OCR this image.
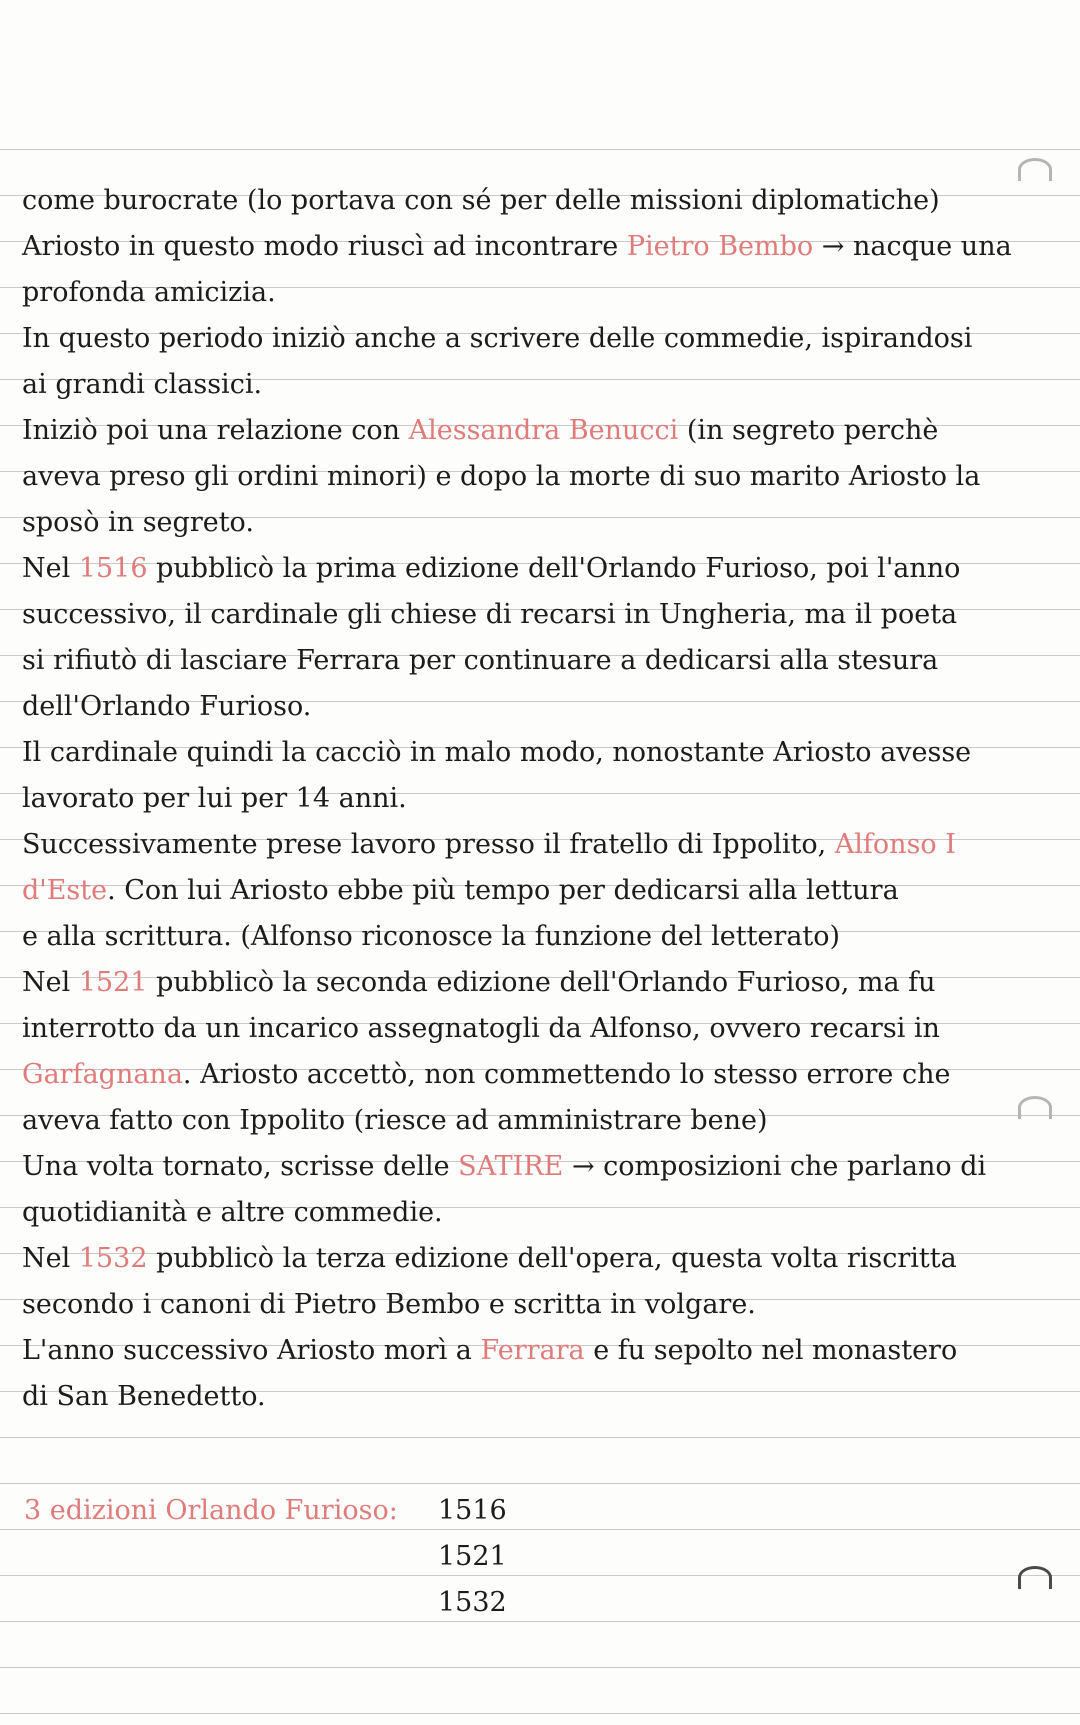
come burocrate (lo portava con sé per delle missioni diplomatiche)
Ariosto in questo modo riuscì ad incontrare Pietro Bembo → nacque una
profonda amicizia.
In questo periodo iniziò anche a scrivere delle commedie, ispirandosi
ai grandi classici.
Iniziò poi una relazione con Alessandra Benucci (in segreto perchè
aveva preso gli ordini minori) e dopo la morte di suo marito Ariosto la
sposò in segreto.
Nel 1516 pubblicò la prima edizione dell'Orlando Furioso, poi l'anno
successivo, il cardinale gli chiese di recarsi in Ungheria, ma il poeta
si rifiutò di lasciare Ferrara per continuare a dedicarsi alla stesura
dell'Orlando Furioso.
Il cardinale quindi la cacciò in malo modo, nonostante Ariosto avesse
lavorato per lui per 14 anni.
Successivamente prese lavoro presso il fratello di Ippolito, Alfonso I
d'Este. Con lui Ariosto ebbe più tempo per dedicarsi alla lettura
e alla scrittura. (Alfonso riconosce la funzione del letterato)
Nel 1521 pubblicò la seconda edizione dell'Orlando Furioso, ma fu
interrotto da un incarico assegnatogli da Alfonso, ovvero recarsi in
Garfagnana. Ariosto accettò, non commettendo lo stesso errore che
aveva fatto con Ippolito (riesce ad amministrare bene)
Una volta tornato, scrisse delle SATIRE → composizioni che parlano di
quotidianità e altre commedie.
Nel 1532 pubblicò la terza edizione dell'opera, questa volta riscritta
secondo i canoni di Pietro Bembo e scritta in volgare.
L'anno successivo Ariosto morì a Ferrara e fu sepolto nel monastero
di San Benedetto.
3 edizioni Orlando Furioso: 1516
1521
1532
